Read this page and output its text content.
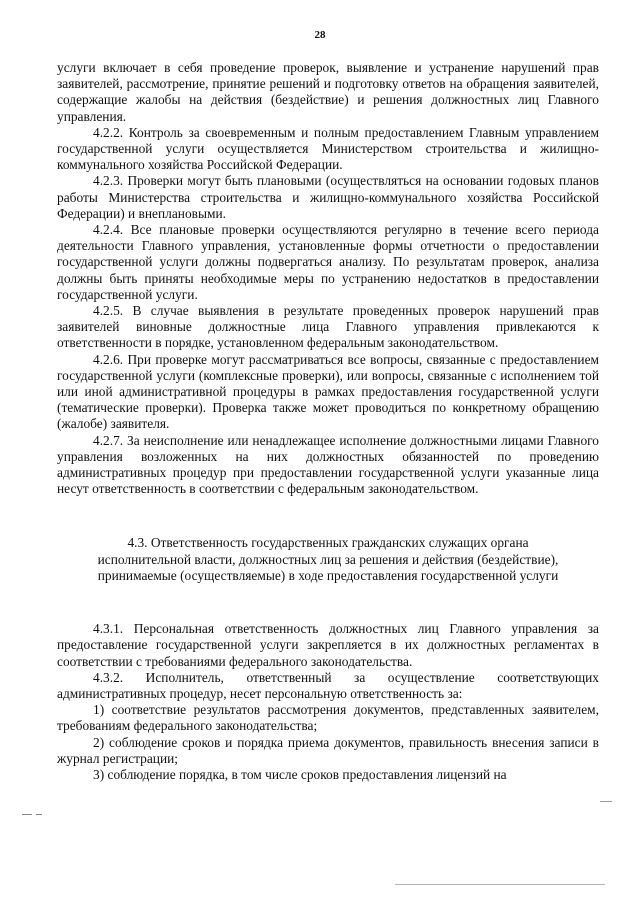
28

услуги включает в себя проведение проверок, выявление и устранение нарушений прав заявителей, рассмотрение, принятие решений и подготовку ответов на обращения заявителей, содержащие жалобы на действия (бездействие) и решения должностных лиц Главного управления.

4.2.2. Контроль за своевременным и полным предоставлением Главным управлением государственной услуги осуществляется Министерством строительства и жилищно-коммунального хозяйства Российской Федерации.

4.2.3. Проверки могут быть плановыми (осуществляться на основании годовых планов работы Министерства строительства и жилищно-коммунального хозяйства Российской Федерации) и внеплановыми.

4.2.4. Все плановые проверки осуществляются регулярно в течение всего периода деятельности Главного управления, установленные формы отчетности о предоставлении государственной услуги должны подвергаться анализу. По результатам проверок, анализа должны быть приняты необходимые меры по устранению недостатков в предоставлении государственной услуги.

4.2.5. В случае выявления в результате проведенных проверок нарушений прав заявителей виновные должностные лица Главного управления привлекаются к ответственности в порядке, установленном федеральным законодательством.

4.2.6. При проверке могут рассматриваться все вопросы, связанные с предоставлением государственной услуги (комплексные проверки), или вопросы, связанные с исполнением той или иной административной процедуры в рамках предоставления государственной услуги (тематические проверки). Проверка также может проводиться по конкретному обращению (жалобе) заявителя.

4.2.7. За неисполнение или ненадлежащее исполнение должностными лицами Главного управления возложенных на них должностных обязанностей по проведению административных процедур при предоставлении государственной услуги указанные лица несут ответственность в соответствии с федеральным законодательством.

4.3. Ответственность государственных гражданских служащих органа исполнительной власти, должностных лиц за решения и действия (бездействие), принимаемые (осуществляемые) в ходе предоставления государственной услуги

4.3.1. Персональная ответственность должностных лиц Главного управления за предоставление государственной услуги закрепляется в их должностных регламентах в соответствии с требованиями федерального законодательства.

4.3.2. Исполнитель, ответственный за осуществление соответствующих административных процедур, несет персональную ответственность за:

1) соответствие результатов рассмотрения документов, представленных заявителем, требованиям федерального законодательства;

2) соблюдение сроков и порядка приема документов, правильность внесения записи в журнал регистрации;

3) соблюдение порядка, в том числе сроков предоставления лицензий на
